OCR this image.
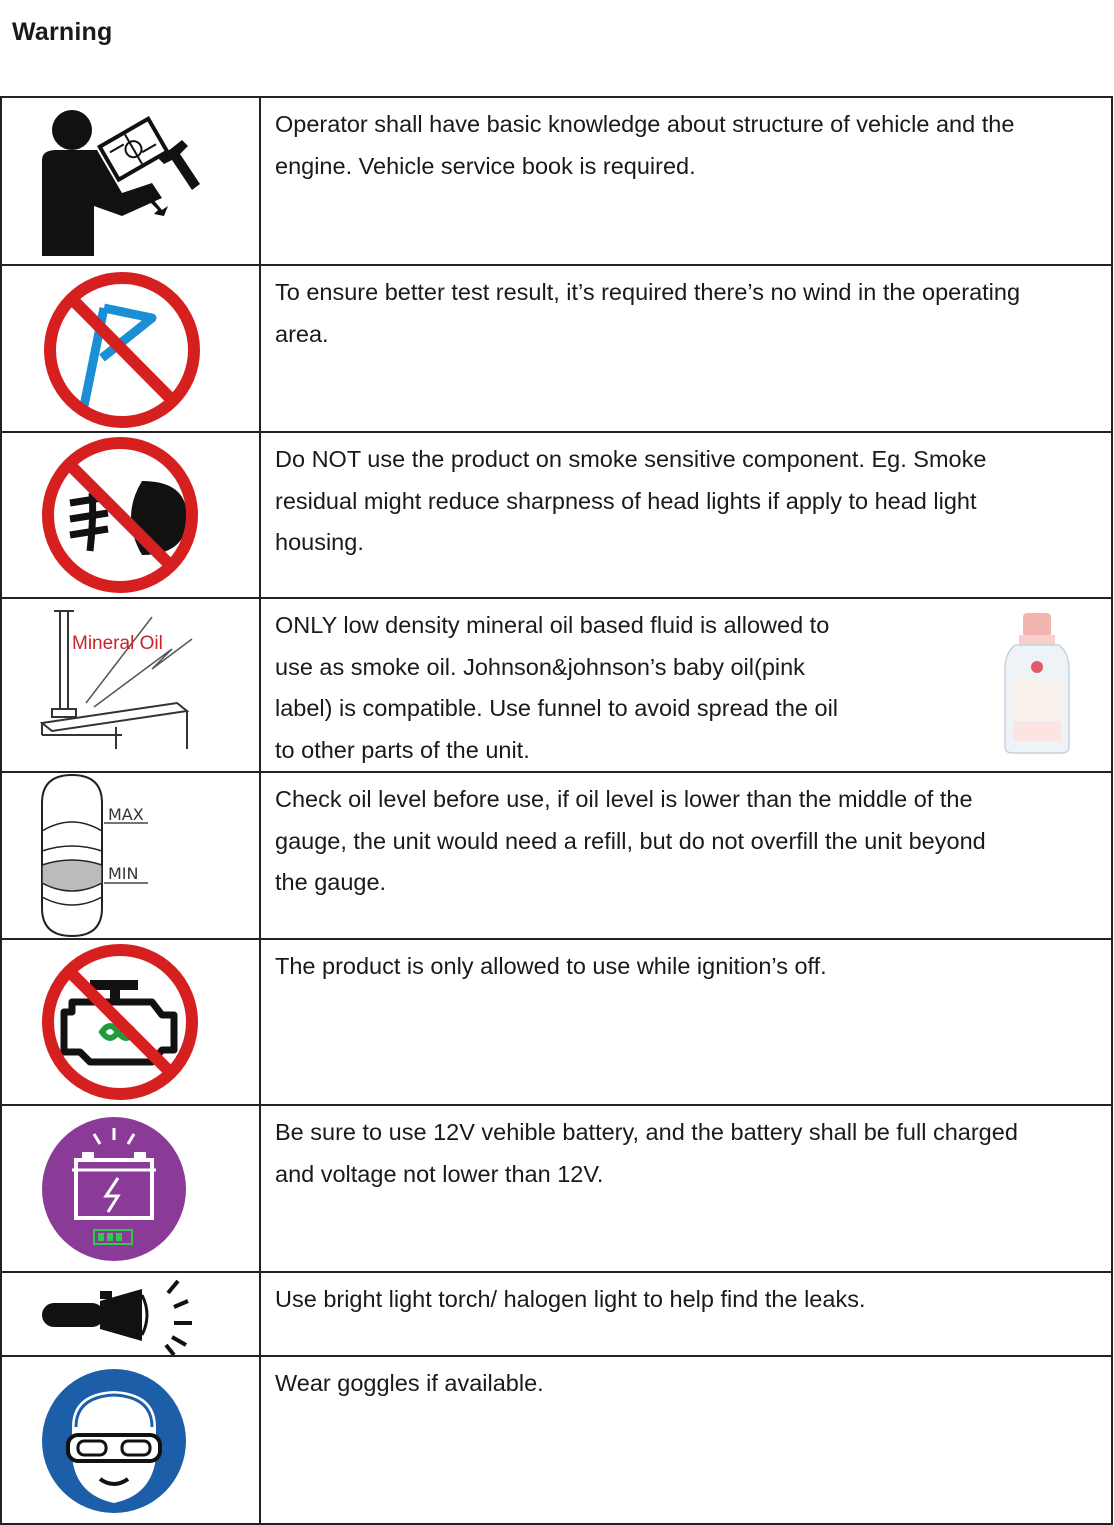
Warning

Operator shall have basic knowledge about structure of vehicle and the
engine. Vehicle service book is required.

To ensure better test result, it’s required there’s no wind in the operating
area.

Do NOT use the product on smoke sensitive component. Eg. Smoke
residual might reduce sharpness of head lights if apply to head light
housing.

Mineral Oil	ONLY low density mineral oil based fluid is allowed to
use as smoke oil. Johnson&johnson’s baby oil(pink
label) is compatible. Use funnel to avoid spread the oil
to other parts of the unit.

MAX
MIN	Check oil level before use, if oil level is lower than the middle of the
gauge, the unit would need a refill, but do not overfill the unit beyond
the gauge.

The product is only allowed to use while ignition’s off.

Be sure to use 12V vehible battery, and the battery shall be full charged
and voltage not lower than 12V.

Use bright light torch/ halogen light to help find the leaks.

Wear goggles if available.
